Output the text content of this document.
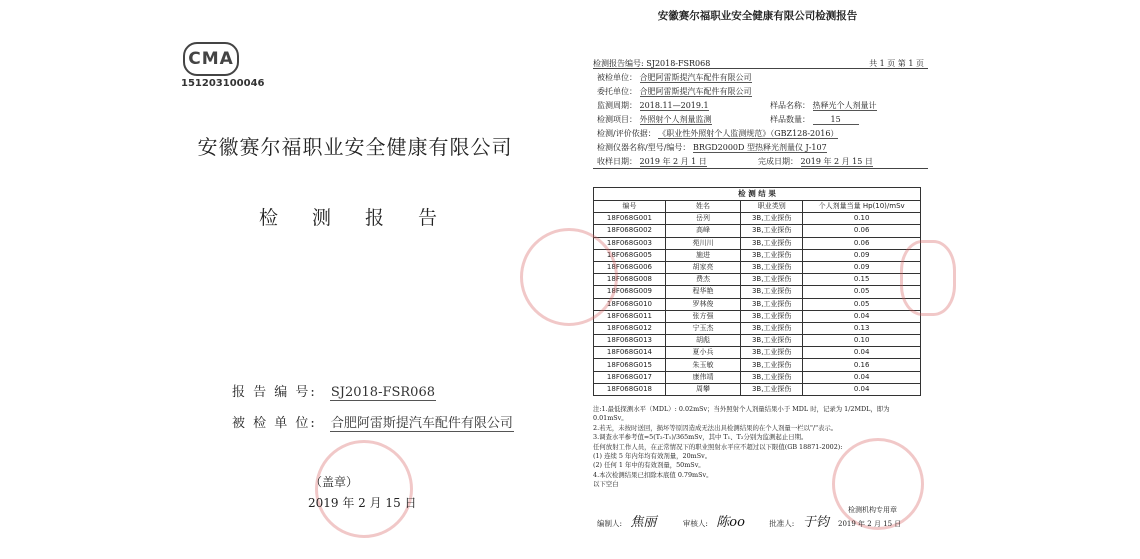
CMA
151203100046
安徽赛尔福职业安全健康有限公司
检 测 报 告
报 告 编 号: SJ2018-FSR068
被 检 单 位: 合肥阿雷斯提汽车配件有限公司
（盖章）
2019 年 2 月 15 日
安徽赛尔福职业安全健康有限公司检测报告
检测报告编号: SJ2018-FSR068	共 1 页 第 1 页
被检单位： 合肥阿雷斯提汽车配件有限公司
委托单位： 合肥阿雷斯提汽车配件有限公司
监测周期： 2018.11—2019.1	样品名称： 热释光个人剂量计
检测项目： 外照射个人剂量监测	样品数量： 15
检测/评价依据： 《职业性外照射个人监测规范》（GBZ128-2016）
检测仪器名称/型号/编号： BRGD2000D 型热释光剂量仪 J-107
收样日期： 2019 年 2 月 1 日	完成日期： 2019 年 2 月 15 日
检 测 结 果
编号	姓名	职业类别	个人剂量当量 Hp(10)/mSv
18F068G001	岳列	3B,工业探伤	0.10
18F068G002	高峰	3B,工业探伤	0.06
18F068G003	苑川川	3B,工业探伤	0.06
18F068G005	施进	3B,工业探伤	0.09
18F068G006	胡家亮	3B,工业探伤	0.09
18F068G008	费杰	3B,工业探伤	0.15
18F068G009	程华艳	3B,工业探伤	0.05
18F068G010	罗林俊	3B,工业探伤	0.05
18F068G011	张方强	3B,工业探伤	0.04
18F068G012	宁玉杰	3B,工业探伤	0.13
18F068G013	胡彪	3B,工业探伤	0.10
18F068G014	夏小兵	3B,工业探伤	0.04
18F068G015	朱玉敏	3B,工业探伤	0.16
18F068G017	康伟靖	3B,工业探伤	0.04
18F068G018	周攀	3B,工业探伤	0.04
注:1.最低探测水平（MDL）: 0.02mSv；当外照射个人剂量结果小于 MDL 时，记录为 1/2MDL，即为
0.01mSv。
2.若无，未按时送回，损坏等原因造成无法出具检测结果的在个人剂量一栏以"/"表示。
3.调查水平参考值=5(T₂-T₁)/365mSv，其中 T₁、T₂分别为监测起止日期。
任何放射工作人员，在正常情况下的职业照射水平应不超过以下限值(GB 18871-2002):
(1) 连续 5 年内年均有效剂量，20mSv。
(2) 任何 1 年中的有效剂量，50mSv。
4.本次检测结果已扣除本底值 0.79mSv。
以下空白
编制人: 焦丽	审核人: 陈oo	批准人: 于钧
检测机构专用章
2019 年 2 月 15 日
